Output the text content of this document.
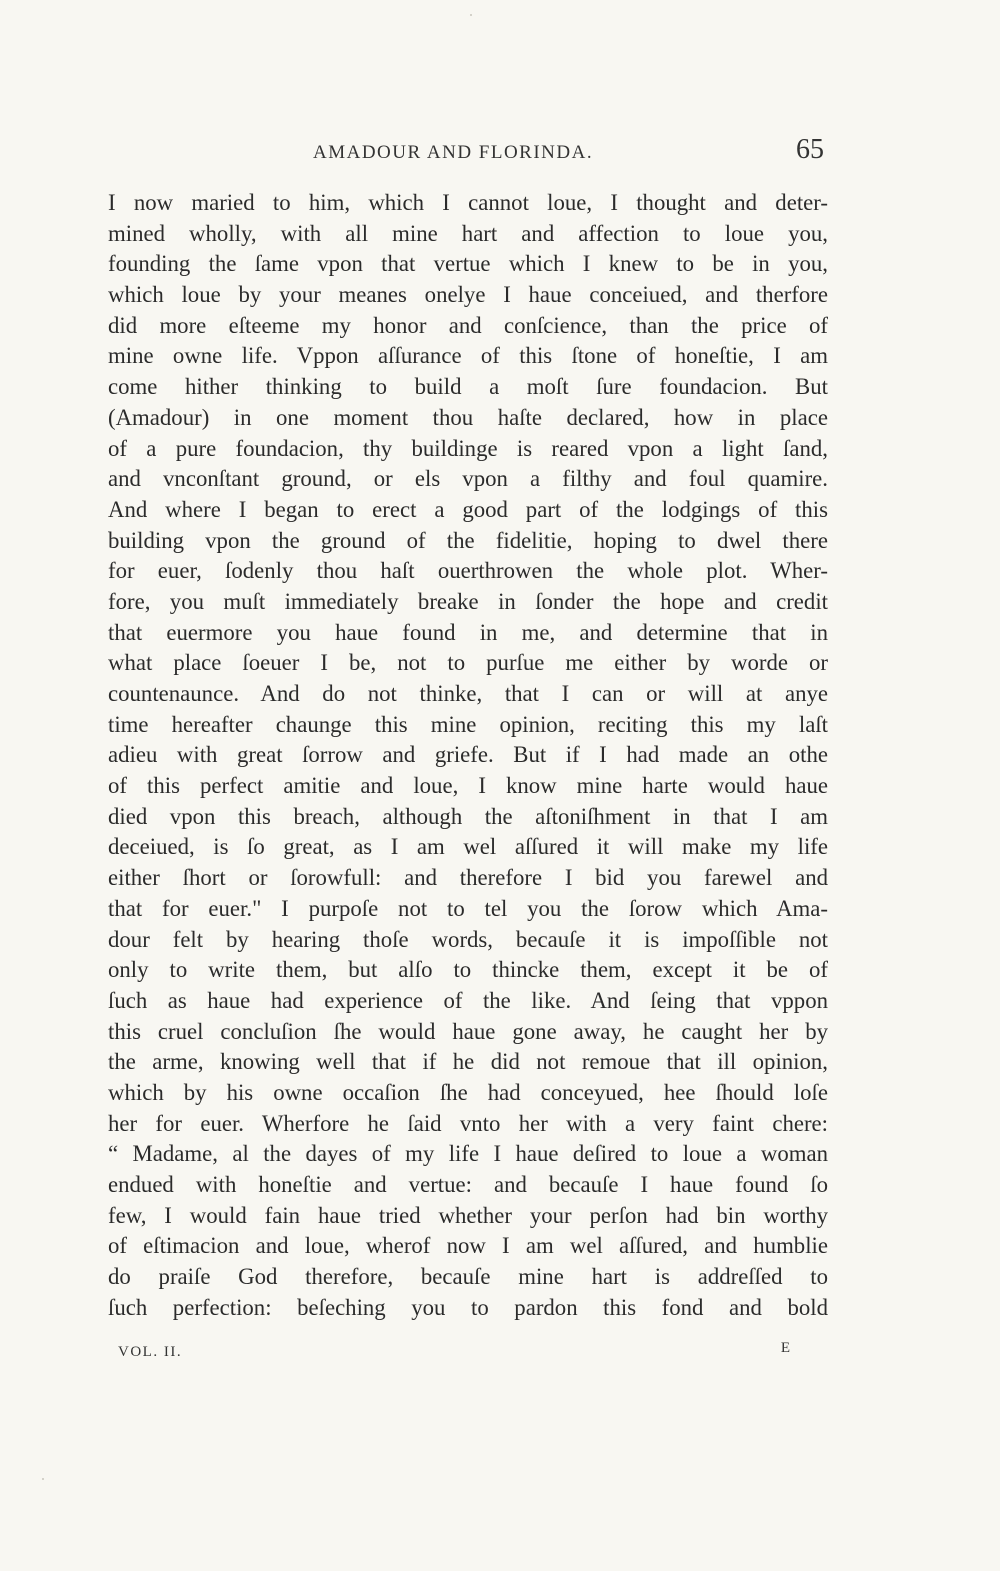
AMADOUR AND FLORINDA.	65
I now maried to him, which I cannot loue, I thought and deter-
mined wholly, with all mine hart and affection to loue you,
founding the ſame vpon that vertue which I knew to be in you,
which loue by your meanes onelye I haue conceiued, and therfore
did more eſteeme my honor and conſcience, than the price of
mine owne life. Vppon aſſurance of this ſtone of honeſtie, I am
come hither thinking to build a moſt ſure foundacion. But
(Amadour) in one moment thou haſte declared, how in place
of a pure foundacion, thy buildinge is reared vpon a light ſand,
and vnconſtant ground, or els vpon a filthy and foul quamire.
And where I began to erect a good part of the lodgings of this
building vpon the ground of the fidelitie, hoping to dwel there
for euer, ſodenly thou haſt ouerthrowen the whole plot. Wher-
fore, you muſt immediately breake in ſonder the hope and credit
that euermore you haue found in me, and determine that in
what place ſoeuer I be, not to purſue me either by worde or
countenaunce. And do not thinke, that I can or will at anye
time hereafter chaunge this mine opinion, reciting this my laſt
adieu with great ſorrow and griefe. But if I had made an othe
of this perfect amitie and loue, I know mine harte would haue
died vpon this breach, although the aſtoniſhment in that I am
deceiued, is ſo great, as I am wel aſſured it will make my life
either ſhort or ſorowfull: and therefore I bid you farewel and
that for euer." I purpoſe not to tel you the ſorow which Ama-
dour felt by hearing thoſe words, becauſe it is impoſſible not
only to write them, but alſo to thincke them, except it be of
ſuch as haue had experience of the like. And ſeing that vppon
this cruel concluſion ſhe would haue gone away, he caught her by
the arme, knowing well that if he did not remoue that ill opinion,
which by his owne occaſion ſhe had conceyued, hee ſhould loſe
her for euer. Wherfore he ſaid vnto her with a very faint chere:
“ Madame, al the dayes of my life I haue deſired to loue a woman
endued with honeſtie and vertue: and becauſe I haue found ſo
few, I would fain haue tried whether your perſon had bin worthy
of eſtimacion and loue, wherof now I am wel aſſured, and humblie
do praiſe God therefore, becauſe mine hart is addreſſed to
ſuch perfection: beſeching you to pardon this fond and bold
VOL. II.	E
